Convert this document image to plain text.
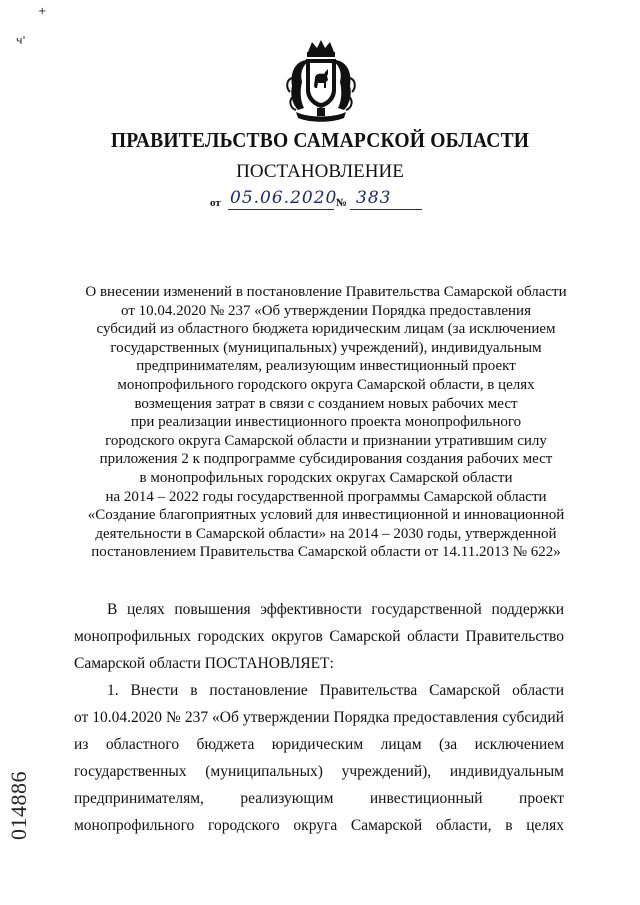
+
ч'
ПРАВИТЕЛЬСТВО САМАРСКОЙ ОБЛАСТИ
ПОСТАНОВЛЕНИЕ
от 05.06.2020
№ 383
О внесении изменений в постановление Правительства Самарской области
от 10.04.2020 № 237 «Об утверждении Порядка предоставления
субсидий из областного бюджета юридическим лицам (за исключением
государственных (муниципальных) учреждений), индивидуальным
предпринимателям, реализующим инвестиционный проект
монопрофильного городского округа Самарской области, в целях
возмещения затрат в связи с созданием новых рабочих мест
при реализации инвестиционного проекта монопрофильного
городского округа Самарской области и признании утратившим силу
приложения 2 к подпрограмме субсидирования создания рабочих мест
в монопрофильных городских округах Самарской области
на 2014 – 2022 годы государственной программы Самарской области
«Создание благоприятных условий для инвестиционной и инновационной
деятельности в Самарской области» на 2014 – 2030 годы, утвержденной
постановлением Правительства Самарской области от 14.11.2013 № 622»
В целях повышения эффективности государственной поддержки
монопрофильных городских округов Самарской области Правительство
Самарской области ПОСТАНОВЛЯЕТ:
1. Внести в постановление Правительства Самарской области
от 10.04.2020 № 237 «Об утверждении Порядка предоставления субсидий
из областного бюджета юридическим лицам (за исключением
государственных (муниципальных) учреждений), индивидуальным
предпринимателям, реализующим инвестиционный проект
монопрофильного городского округа Самарской области, в целях
014886
